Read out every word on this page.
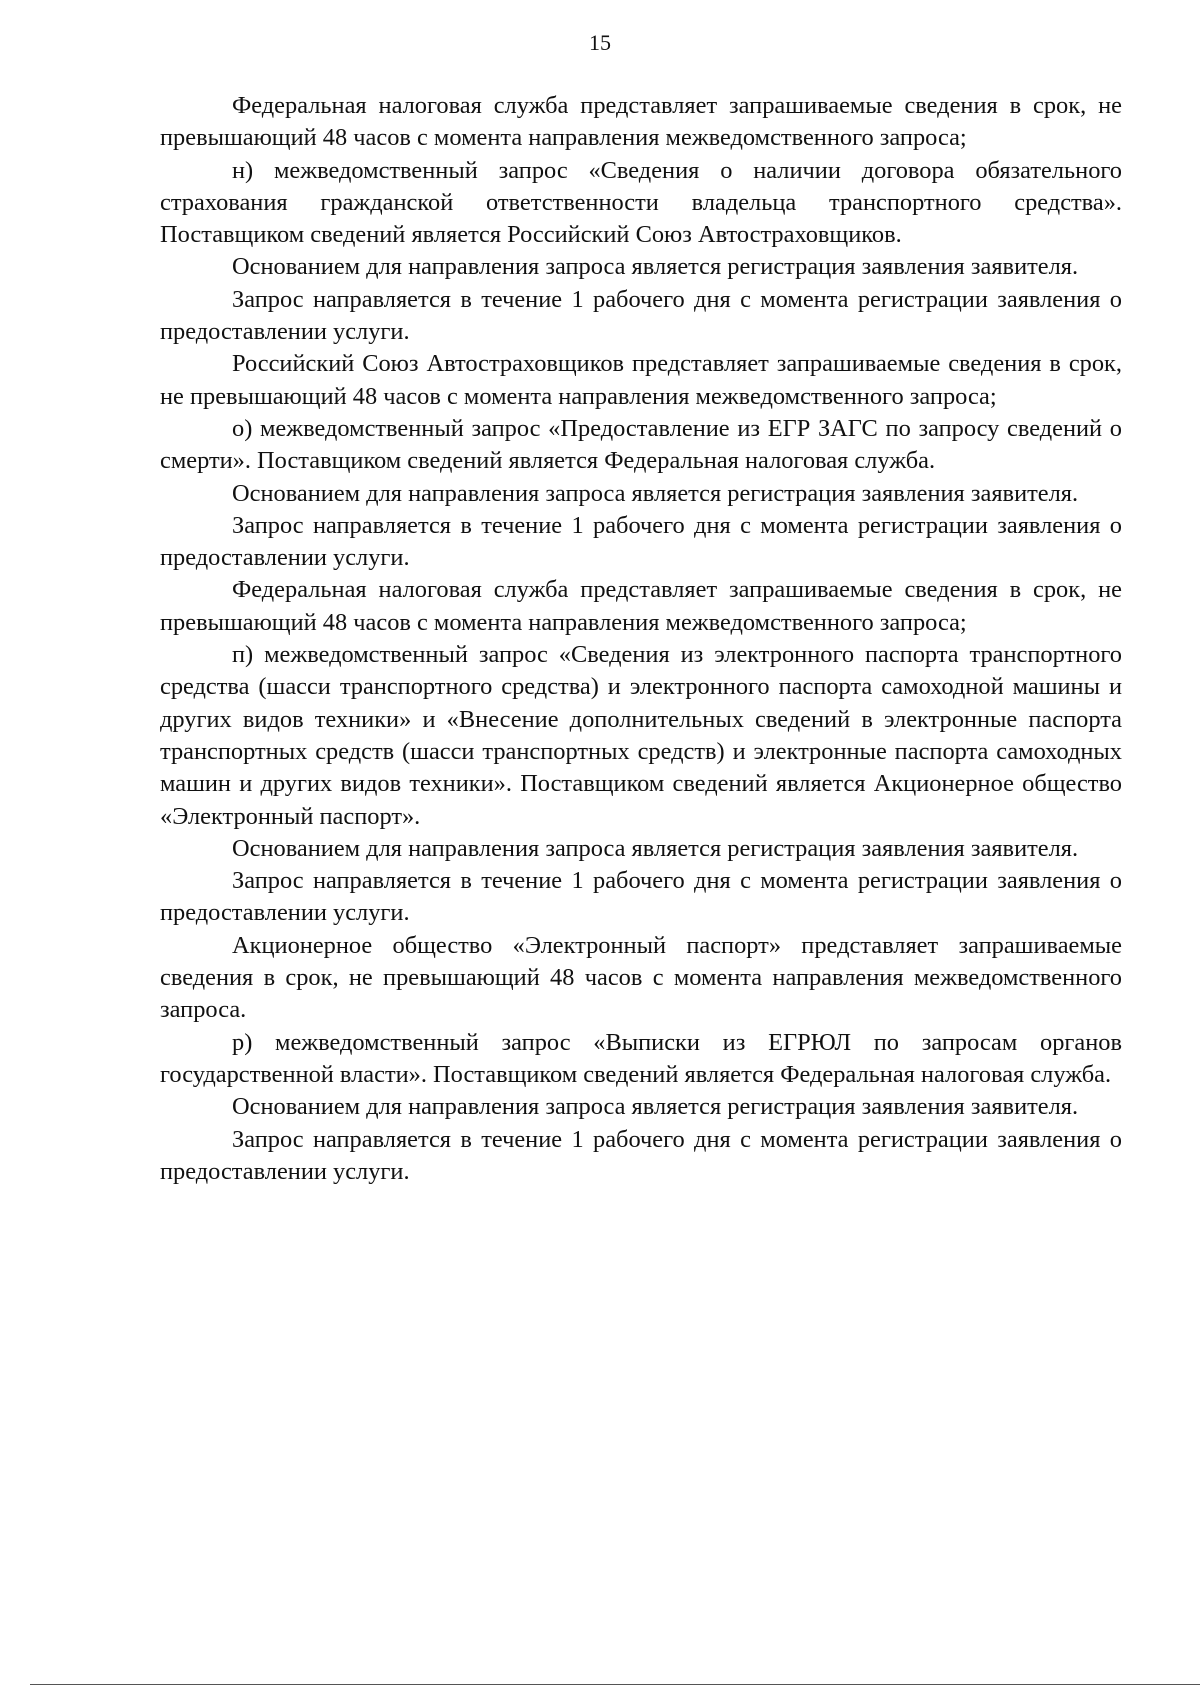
15

Федеральная налоговая служба представляет запрашиваемые сведения в срок, не превышающий 48 часов с момента направления межведомственного запроса;

н) межведомственный запрос «Сведения о наличии договора обязательного страхования гражданской ответственности владельца транспортного средства». Поставщиком сведений является Российский Союз Автостраховщиков.

Основанием для направления запроса является регистрация заявления заявителя.

Запрос направляется в течение 1 рабочего дня с момента регистрации заявления о предоставлении услуги.

Российский Союз Автостраховщиков представляет запрашиваемые сведения в срок, не превышающий 48 часов с момента направления межведомственного запроса;

о) межведомственный запрос «Предоставление из ЕГР ЗАГС по запросу сведений о смерти». Поставщиком сведений является Федеральная налоговая служба.

Основанием для направления запроса является регистрация заявления заявителя.

Запрос направляется в течение 1 рабочего дня с момента регистрации заявления о предоставлении услуги.

Федеральная налоговая служба представляет запрашиваемые сведения в срок, не превышающий 48 часов с момента направления межведомственного запроса;

п) межведомственный запрос «Сведения из электронного паспорта транспортного средства (шасси транспортного средства) и электронного паспорта самоходной машины и других видов техники» и «Внесение дополнительных сведений в электронные паспорта транспортных средств (шасси транспортных средств) и электронные паспорта самоходных машин и других видов техники». Поставщиком сведений является Акционерное общество «Электронный паспорт».

Основанием для направления запроса является регистрация заявления заявителя.

Запрос направляется в течение 1 рабочего дня с момента регистрации заявления о предоставлении услуги.

Акционерное общество «Электронный паспорт» представляет запрашиваемые сведения в срок, не превышающий 48 часов с момента направления межведомственного запроса.

р) межведомственный запрос «Выписки из ЕГРЮЛ по запросам органов государственной власти». Поставщиком сведений является Федеральная налоговая служба.

Основанием для направления запроса является регистрация заявления заявителя.

Запрос направляется в течение 1 рабочего дня с момента регистрации заявления о предоставлении услуги.
